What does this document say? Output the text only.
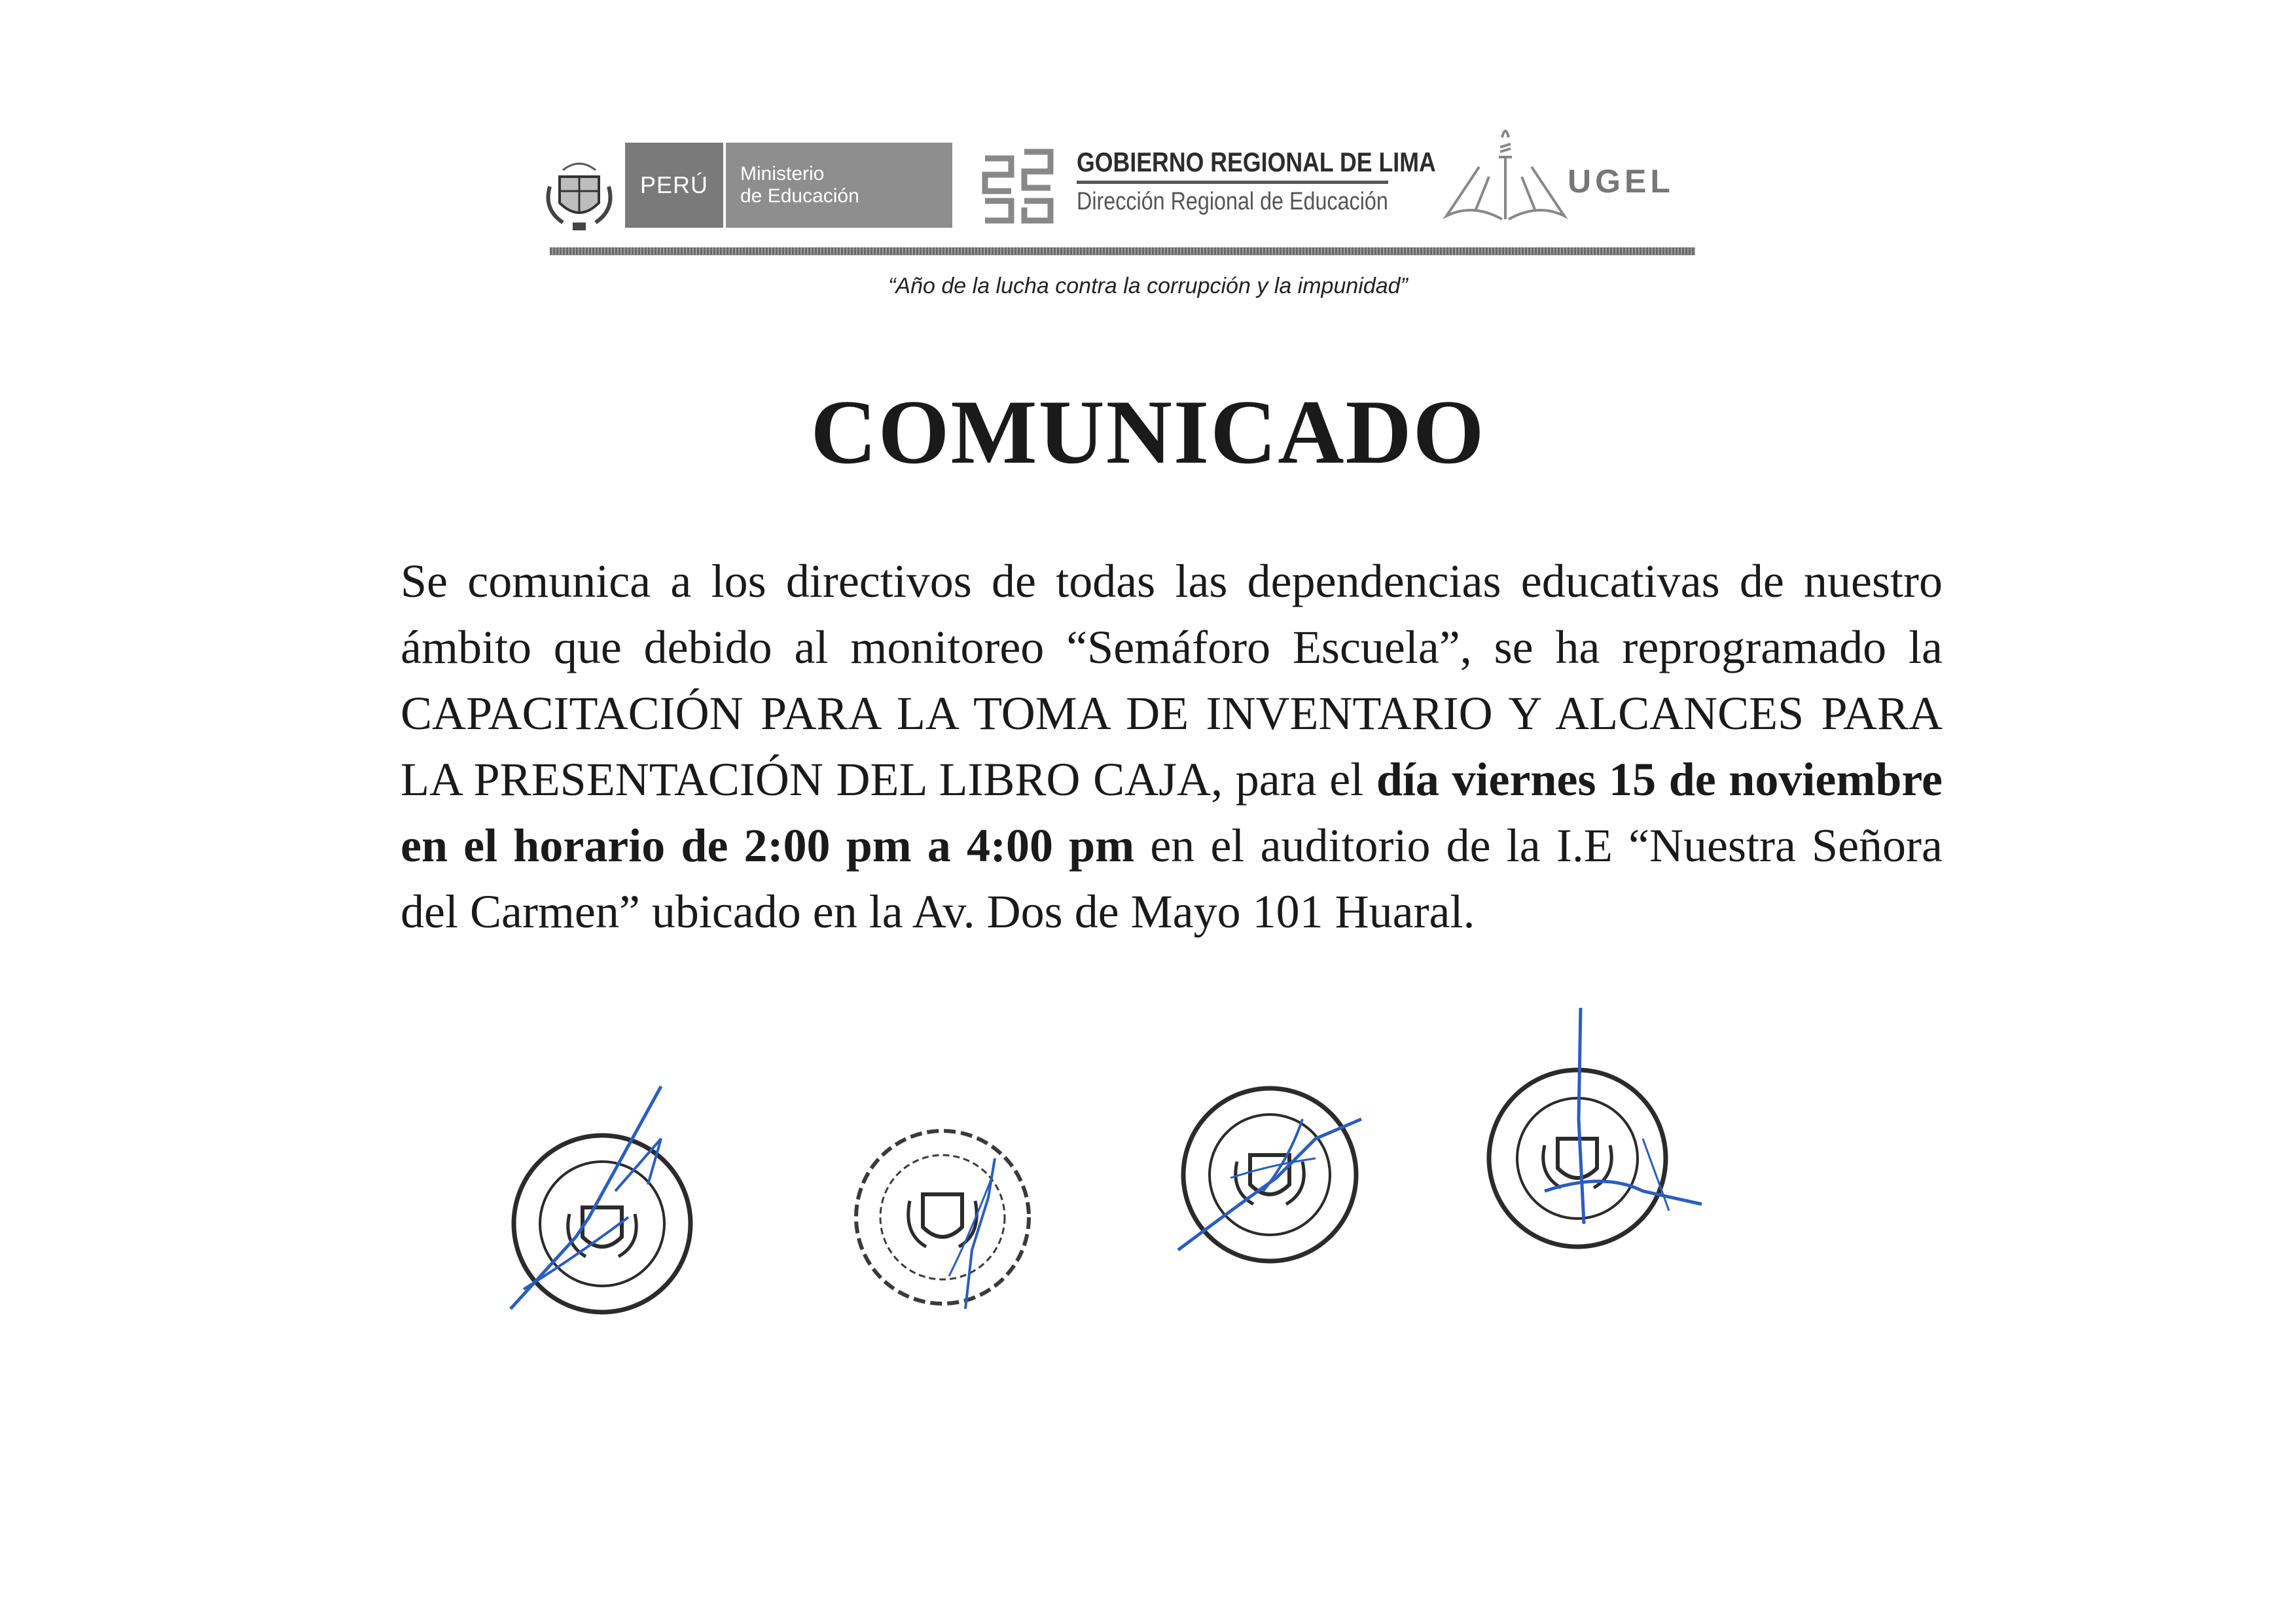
PERÚ	Ministerio
de Educación
GOBIERNO REGIONAL DE LIMA
Dirección Regional de Educación
UGEL
“Año de la lucha contra la corrupción y la impunidad”
COMUNICADO
Se comunica a los directivos de todas las dependencias educativas de nuestro ámbito que debido al monitoreo “Semáforo Escuela”, se ha reprogramado la CAPACITACIÓN PARA LA TOMA DE INVENTARIO Y ALCANCES PARA LA PRESENTACIÓN DEL LIBRO CAJA, para el día viernes 15 de noviembre en el horario de 2:00 pm a 4:00 pm en el auditorio de la I.E “Nuestra Señora del Carmen” ubicado en la Av. Dos de Mayo 101 Huaral.
